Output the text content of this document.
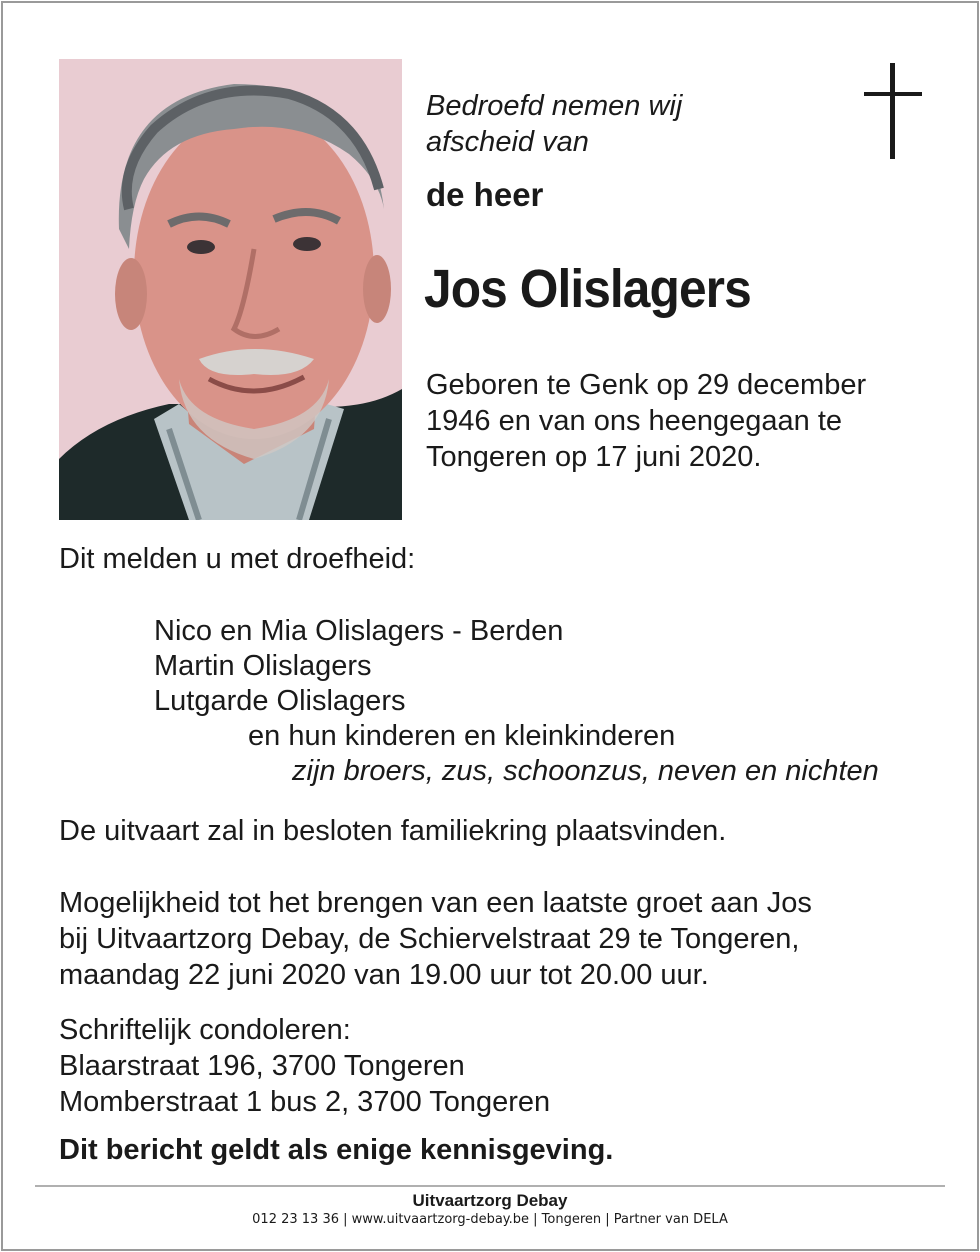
Bedroefd nemen wij
afscheid van

de heer

Jos Olislagers

Geboren te Genk op 29 december
1946 en van ons heengegaan te
Tongeren op 17 juni 2020.

Dit melden u met droefheid:

Nico en Mia Olislagers - Berden
Martin Olislagers
Lutgarde Olislagers

en hun kinderen en kleinkinderen

zijn broers, zus, schoonzus, neven en nichten

De uitvaart zal in besloten familiekring plaatsvinden.

Mogelijkheid tot het brengen van een laatste groet aan Jos
bij Uitvaartzorg Debay, de Schiervelstraat 29 te Tongeren,
maandag 22 juni 2020 van 19.00 uur tot 20.00 uur.

Schriftelijk condoleren:
Blaarstraat 196, 3700 Tongeren
Momberstraat 1 bus 2, 3700 Tongeren

Dit bericht geldt als enige kennisgeving.

Uitvaartzorg Debay

012 23 13 36 | www.uitvaartzorg-debay.be | Tongeren | Partner van DELA
